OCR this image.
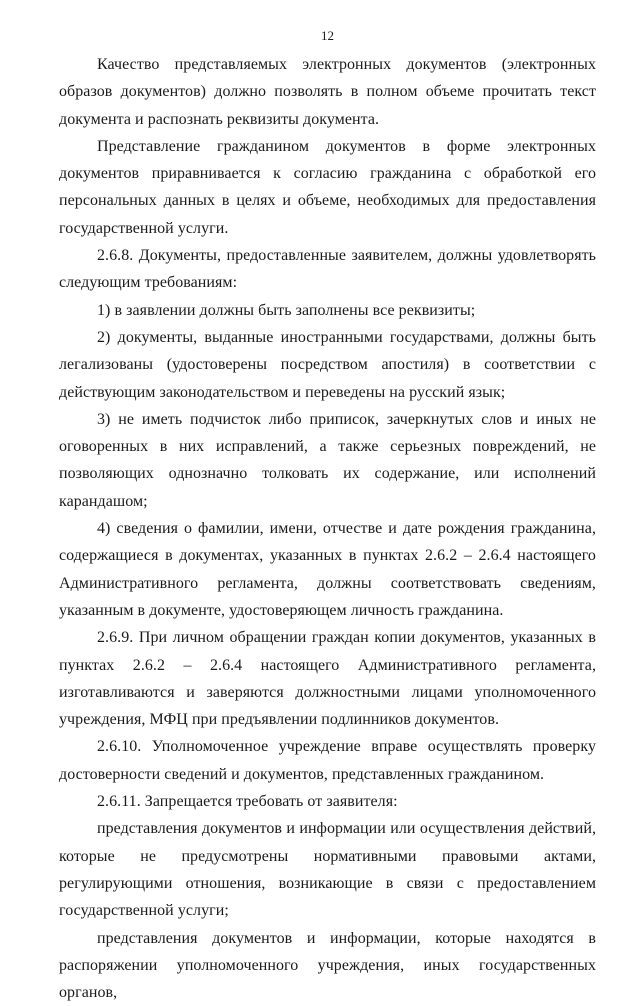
12

Качество представляемых электронных документов (электронных образов документов) должно позволять в полном объеме прочитать текст документа и распознать реквизиты документа.

Представление гражданином документов в форме электронных документов приравнивается к согласию гражданина с обработкой его персональных данных в целях и объеме, необходимых для предоставления государственной услуги.

2.6.8. Документы, предоставленные заявителем, должны удовлетворять следующим требованиям:

1) в заявлении должны быть заполнены все реквизиты;

2) документы, выданные иностранными государствами, должны быть легализованы (удостоверены посредством апостиля) в соответствии с действующим законодательством и переведены на русский язык;

3) не иметь подчисток либо приписок, зачеркнутых слов и иных не оговоренных в них исправлений, а также серьезных повреждений, не позволяющих однозначно толковать их содержание, или исполнений карандашом;

4) сведения о фамилии, имени, отчестве и дате рождения гражданина, содержащиеся в документах, указанных в пунктах 2.6.2 – 2.6.4 настоящего Административного регламента, должны соответствовать сведениям, указанным в документе, удостоверяющем личность гражданина.

2.6.9. При личном обращении граждан копии документов, указанных в пунктах 2.6.2 – 2.6.4 настоящего Административного регламента, изготавливаются и заверяются должностными лицами уполномоченного учреждения, МФЦ при предъявлении подлинников документов.

2.6.10. Уполномоченное учреждение вправе осуществлять проверку достоверности сведений и документов, представленных гражданином.

2.6.11. Запрещается требовать от заявителя:

представления документов и информации или осуществления действий, которые не предусмотрены нормативными правовыми актами, регулирующими отношения, возникающие в связи с предоставлением государственной услуги;

представления документов и информации, которые находятся в распоряжении уполномоченного учреждения, иных государственных органов,
